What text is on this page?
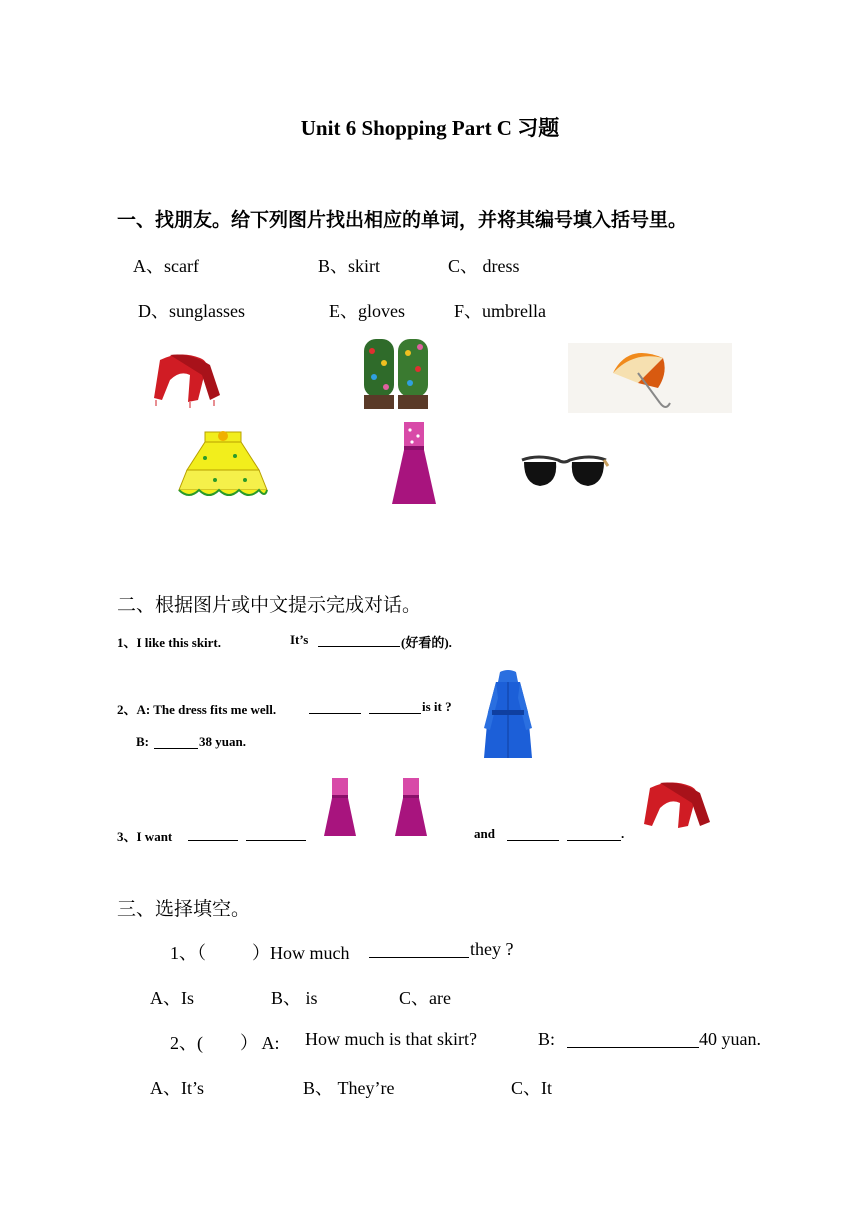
Unit 6 Shopping Part C 习题
一、找朋友。给下列图片找出相应的单词，并将其编号填入括号里。
A、scarf	B、skirt	C、 dress
D、sunglasses	E、gloves	F、umbrella
二、根据图片或中文提示完成对话。
1、I like this skirt.	It’s	(好看的).
2、A: The dress fits me well.	is it ?
B:	38 yuan.
3、I want	and	.
三、选择填空。
1、（	）How much	they ?
A、Is	B、 is	C、are
2、( ） A: How much is that skirt?	B:	40 yuan.
A、It’s	B、 They’re	C、It
